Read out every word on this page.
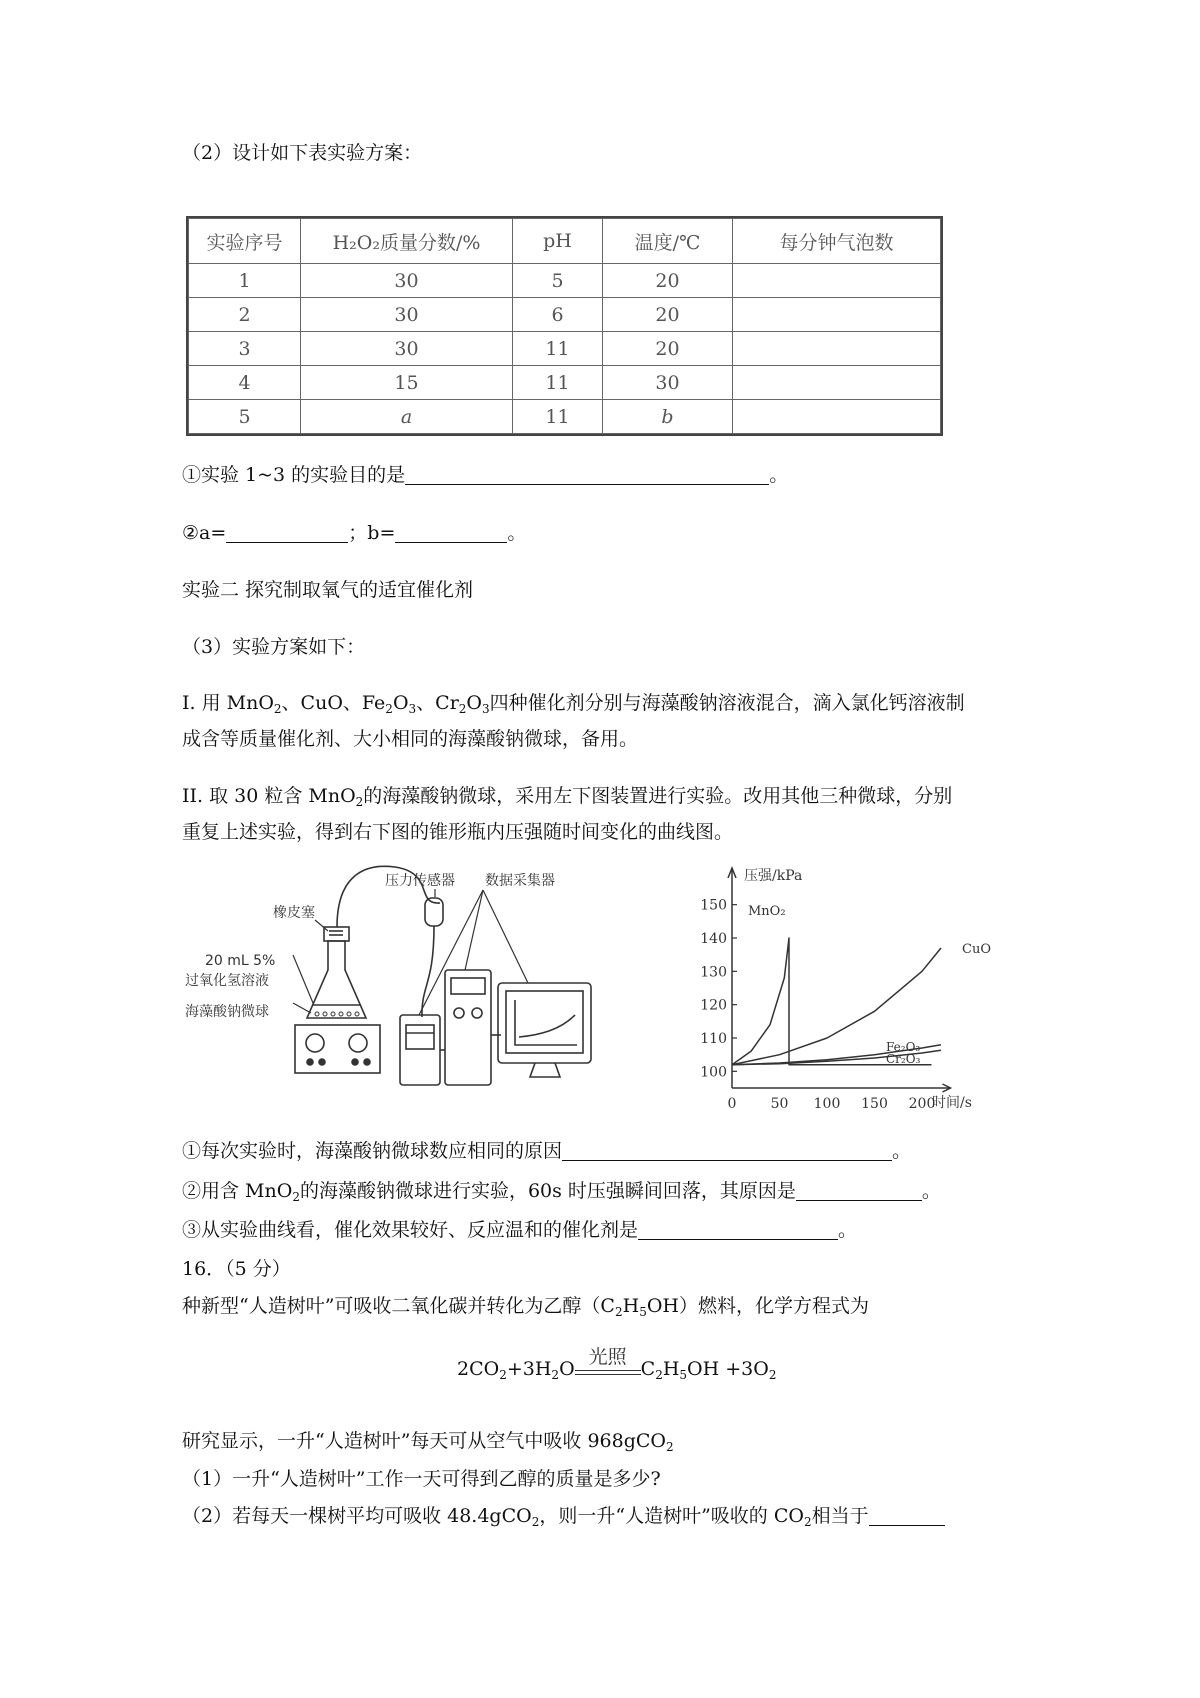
（2）设计如下表实验方案：
实验序号	H₂O₂质量分数/%	pH	温度/℃	每分钟气泡数
1	30	5	20	
2	30	6	20	
3	30	11	20	
4	15	11	30	
5	a	11	b	
①实验 1~3 的实验目的是	。
②a=	；b=	。
实验二 探究制取氧气的适宜催化剂
（3）实验方案如下：
I. 用 MnO$_2$、CuO、$Fe_2O_3$、$Cr_2O_3$四种催化剂分别与海藻酸钠溶液混合，滴入氯化钙溶液制
成含等质量催化剂、大小相同的海藻酸钠微球，备用。
II. 取 30 粒含 MnO$_2$的海藻酸钠微球，采用左下图装置进行实验。改用其他三种微球，分别
重复上述实验，得到右下图的锥形瓶内压强随时间变化的曲线图。
压力传感器 数据采集器
橡皮塞
20 mL 5%
过氧化氢溶液
海藻酸钠微球
100
110
120
130
140
150
0 50 100 150 200
压强/kPa
时间/s
MnO₂
CuO
Fe₂O₃
Cr₂O₃
①每次实验时，海藻酸钠微球数应相同的原因	。
②用含 MnO$_2$的海藻酸钠微球进行实验，60s 时压强瞬间回落，其原因是	。
③从实验曲线看，催化效果较好、反应温和的催化剂是	。
16．（5 分）
种新型“人造树叶”可吸收二氧化碳并转化为乙醇$(C_2H_5OH)$燃料，化学方程式为
$2CO_2+3H_2O$
光照
$C_2H_5OH +3O_2$
研究显示，一升“人造树叶”每天可从空气中吸收 968gCO$_2$
（1）一升“人造树叶”工作一天可得到乙醇的质量是多少?
（2）若每天一棵树平均可吸收 48.4gCO$_2$，则一升“人造树叶”吸收的 $CO_2$相当于
